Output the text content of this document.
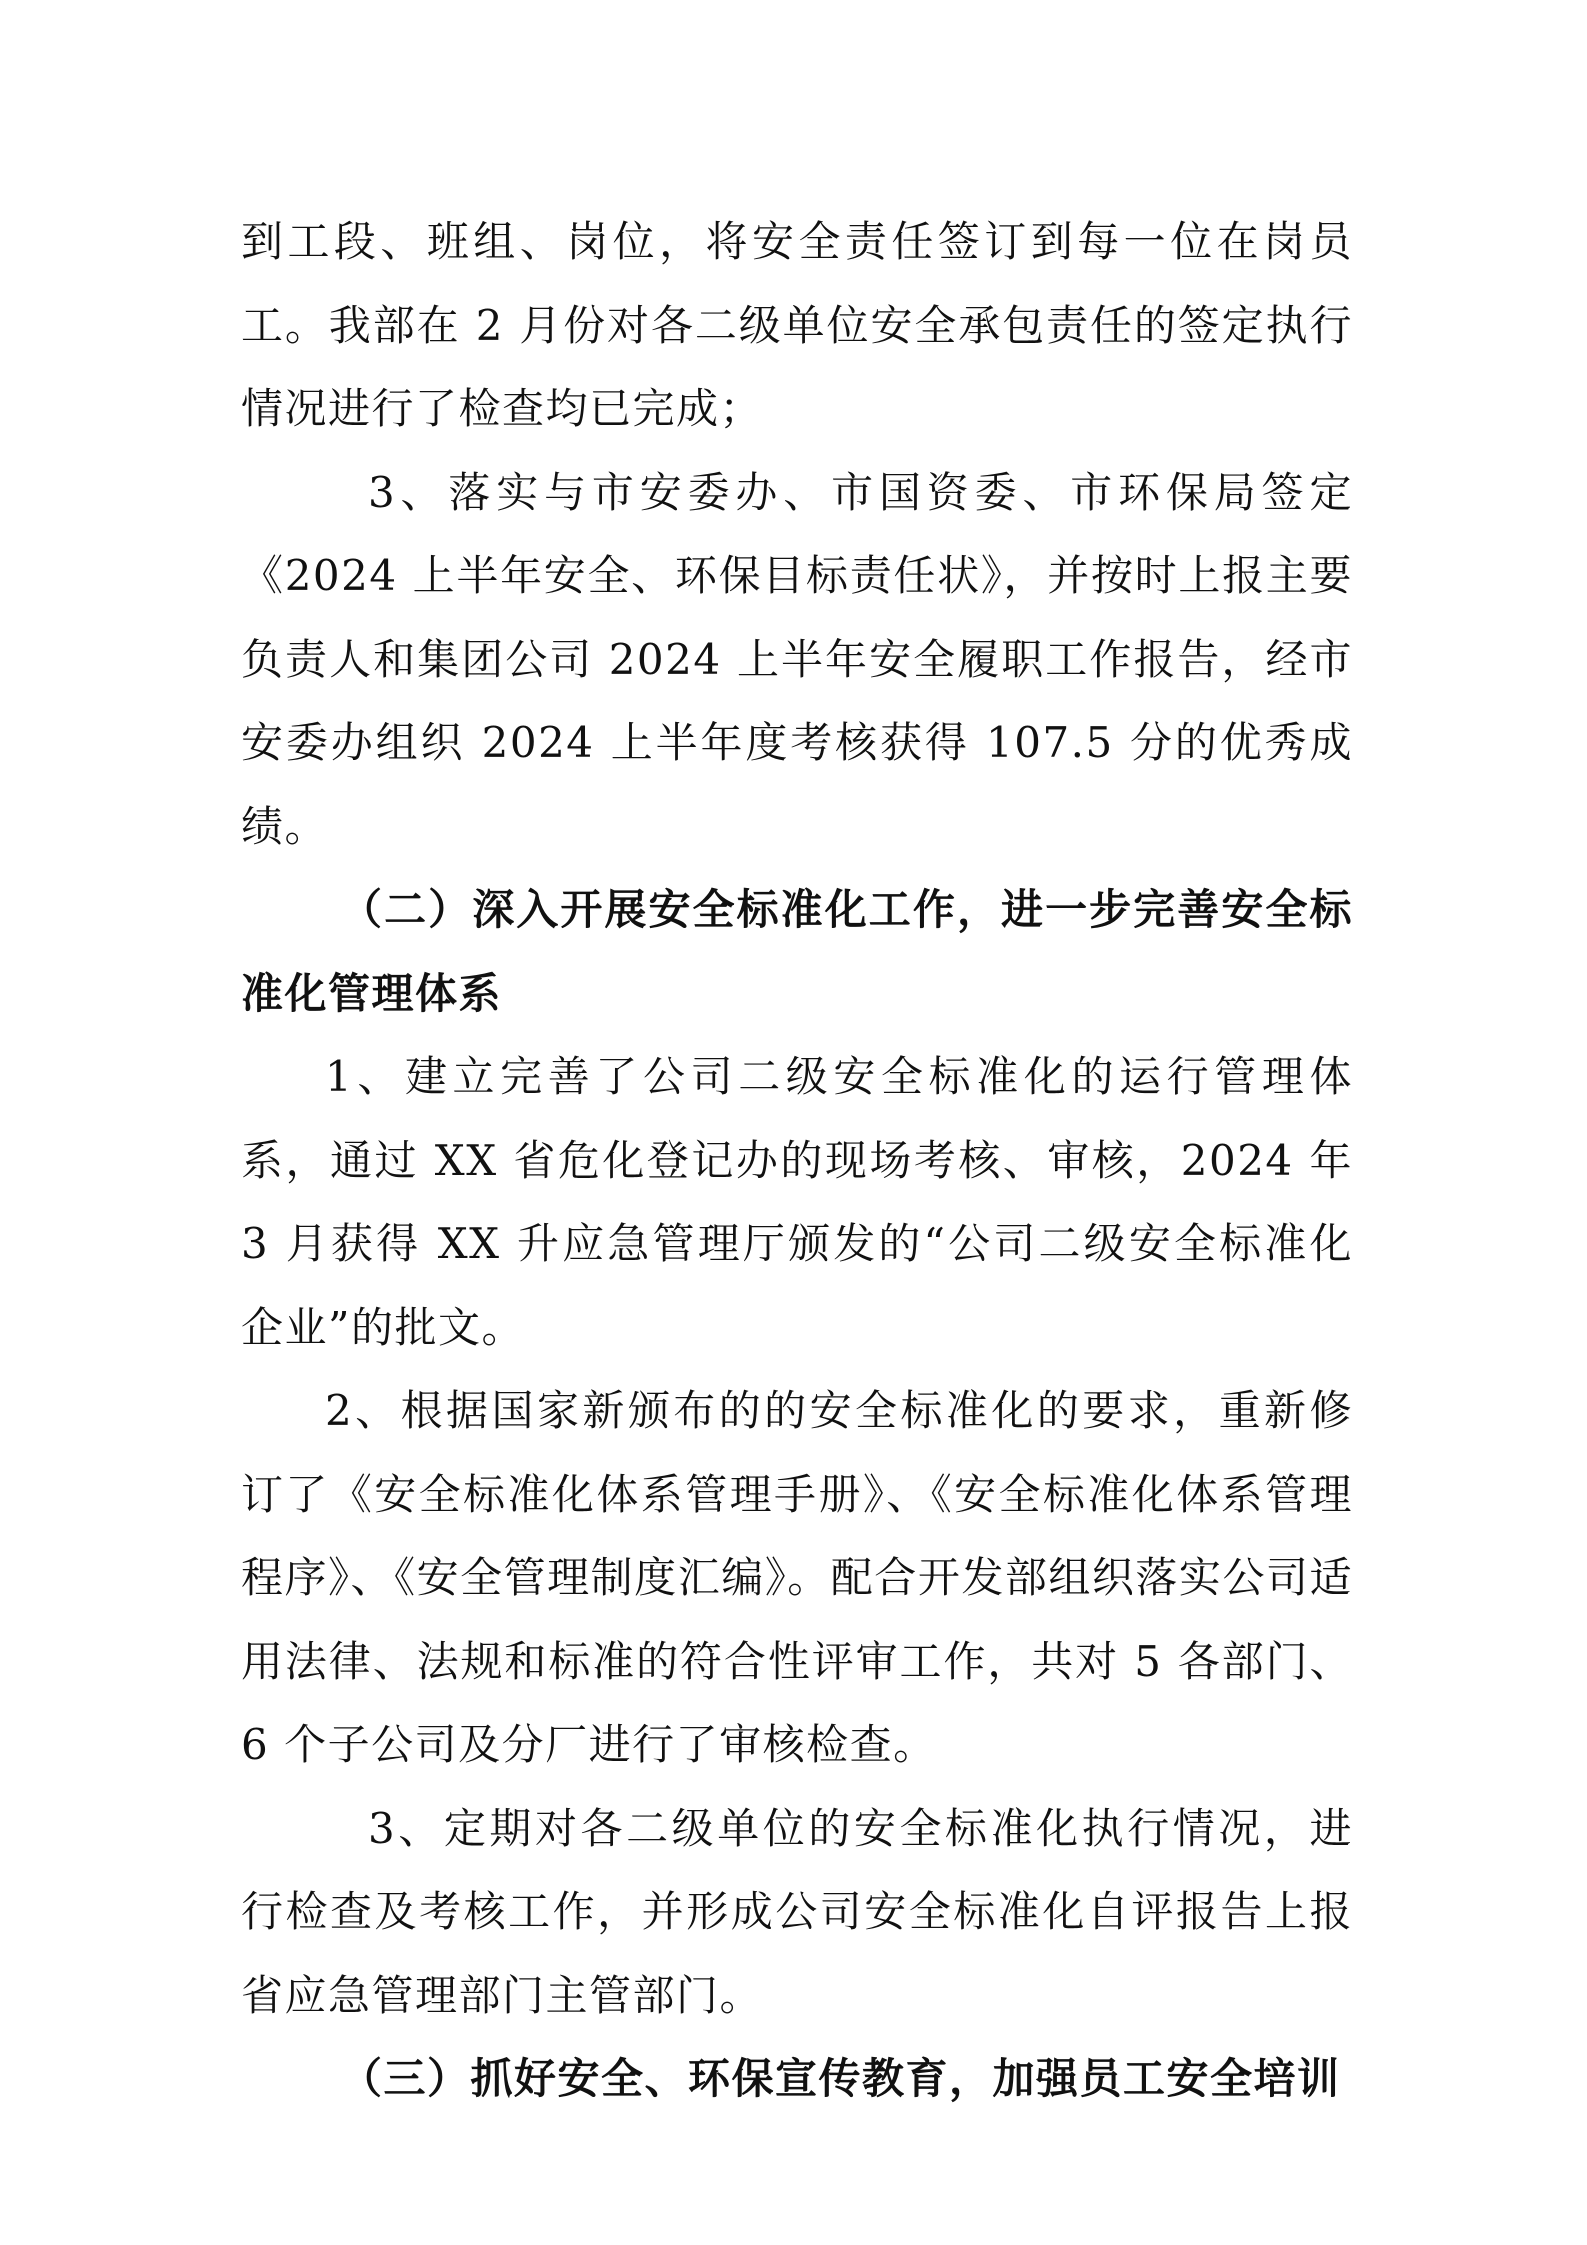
到工段、班组、岗位，将安全责任签订到每一位在岗员工。我部在 2 月份对各二级单位安全承包责任的签定执行情况进行了检查均已完成；

3、落实与市安委办、市国资委、市环保局签定《2024 上半年安全、环保目标责任状》，并按时上报主要负责人和集团公司 2024 上半年安全履职工作报告，经市安委办组织 2024 上半年度考核获得 107.5 分的优秀成绩。

（二）深入开展安全标准化工作，进一步完善安全标准化管理体系

1、建立完善了公司二级安全标准化的运行管理体系，通过 XX 省危化登记办的现场考核、审核，2024 年 3 月获得 XX 升应急管理厅颁发的“公司二级安全标准化企业”的批文。

2、根据国家新颁布的的安全标准化的要求，重新修订了《安全标准化体系管理手册》、《安全标准化体系管理程序》、《安全管理制度汇编》。配合开发部组织落实公司适用法律、法规和标准的符合性评审工作，共对 5 各部门、6 个子公司及分厂进行了审核检查。

3、定期对各二级单位的安全标准化执行情况，进行检查及考核工作，并形成公司安全标准化自评报告上报省应急管理部门主管部门。

（三）抓好安全、环保宣传教育，加强员工安全培训
